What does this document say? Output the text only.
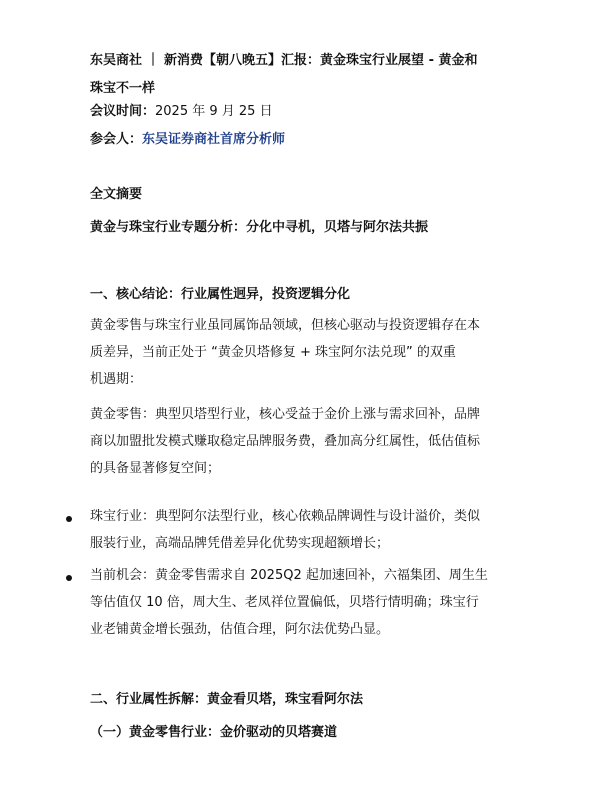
东吴商社 ｜ 新消费【朝八晚五】汇报：黄金珠宝行业展望 - 黄金和
珠宝不一样
会议时间：2025 年 9 月 25 日
参会人：东吴证券商社首席分析师
全文摘要
黄金与珠宝行业专题分析：分化中寻机，贝塔与阿尔法共振
一、核心结论：行业属性迥异，投资逻辑分化
黄金零售与珠宝行业虽同属饰品领域，但核心驱动与投资逻辑存在本
质差异，当前正处于 “黄金贝塔修复 + 珠宝阿尔法兑现” 的双重
机遇期：
黄金零售：典型贝塔型行业，核心受益于金价上涨与需求回补，品牌
商以加盟批发模式赚取稳定品牌服务费，叠加高分红属性，低估值标
的具备显著修复空间；
珠宝行业：典型阿尔法型行业，核心依赖品牌调性与设计溢价，类似
服装行业，高端品牌凭借差异化优势实现超额增长；
当前机会：黄金零售需求自 2025Q2 起加速回补，六福集团、周生生
等估值仅 10 倍，周大生、老凤祥位置偏低，贝塔行情明确；珠宝行
业老铺黄金增长强劲，估值合理，阿尔法优势凸显。
二、行业属性拆解：黄金看贝塔，珠宝看阿尔法
（一）黄金零售行业：金价驱动的贝塔赛道
